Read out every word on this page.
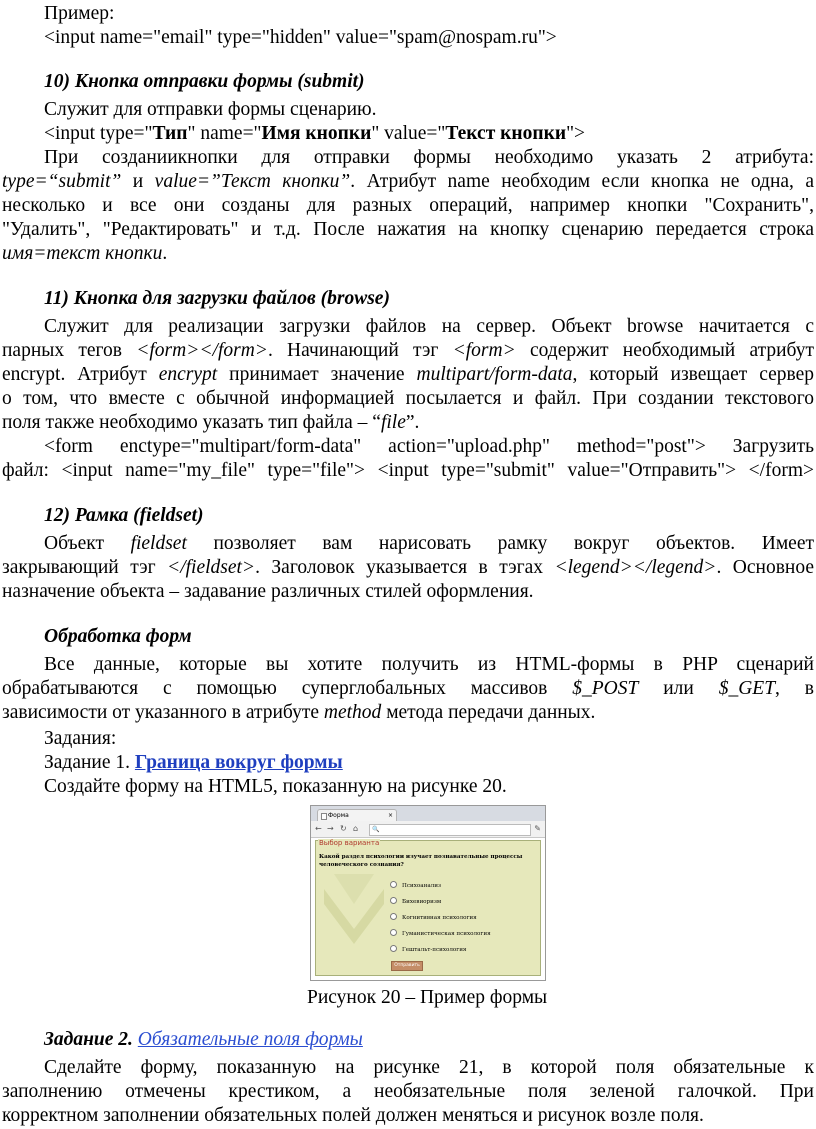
Пример:
<input name="email" type="hidden" value="spam@nospam.ru">
10) Кнопка отправки формы (submit)
Служит для отправки формы сценарию.
<input type="Тип" name="Имя кнопки" value="Текст кнопки">
При созданиикнопки для отправки формы необходимо указать 2 атрибута:
type=“submit” и value=”Текст кнопки”. Атрибут name необходим если кнопка не одна, а
несколько и все они созданы для разных операций, например кнопки "Сохранить",
"Удалить", "Редактировать" и т.д. После нажатия на кнопку сценарию передается строка
имя=текст кнопки.
11) Кнопка для загрузки файлов (browse)
Служит для реализации загрузки файлов на сервер. Объект browse начитается с
парных тегов <form></form>. Начинающий тэг <form> содержит необходимый атрибут
encrypt. Атрибут encrypt принимает значение multipart/form-data, который извещает сервер
о том, что вместе с обычной информацией посылается и файл. При создании текстового
поля также необходимо указать тип файла – “file”.
<form enctype="multipart/form-data" action="upload.php" method="post"> Загрузить
файл: <input name="my_file" type="file"> <input type="submit" value="Отправить"> </form>
12) Рамка (fieldset)
Объект fieldset позволяет вам нарисовать рамку вокруг объектов. Имеет
закрывающий тэг </fieldset>. Заголовок указывается в тэгах <legend></legend>. Основное
назначение объекта – задавание различных стилей оформления.
Обработка форм
Все данные, которые вы хотите получить из HTML-формы в PHP сценарий
обрабатываются с помощью суперглобальных массивов $_POST или $_GET, в
зависимости от указанного в атрибуте method метода передачи данных.
Задания:
Задание 1. Граница вокруг формы
Создайте форму на HTML5, показанную на рисунке 20.
Форма	×
← → ↻ ⌂ 🔍	✎
Выбор варианта
Какой раздел психологии изучает познавательные процессы человеческого сознания?
Психоанализ
Бихевиоризм
Когнитивная психология
Гуманистическая психология
Гештальт-психология
Отправить
Рисунок 20 – Пример формы
Задание 2. Обязательные поля формы
Сделайте форму, показанную на рисунке 21, в которой поля обязательные к
заполнению отмечены крестиком, а необязательные поля зеленой галочкой. При
корректном заполнении обязательных полей должен меняться и рисунок возле поля.
